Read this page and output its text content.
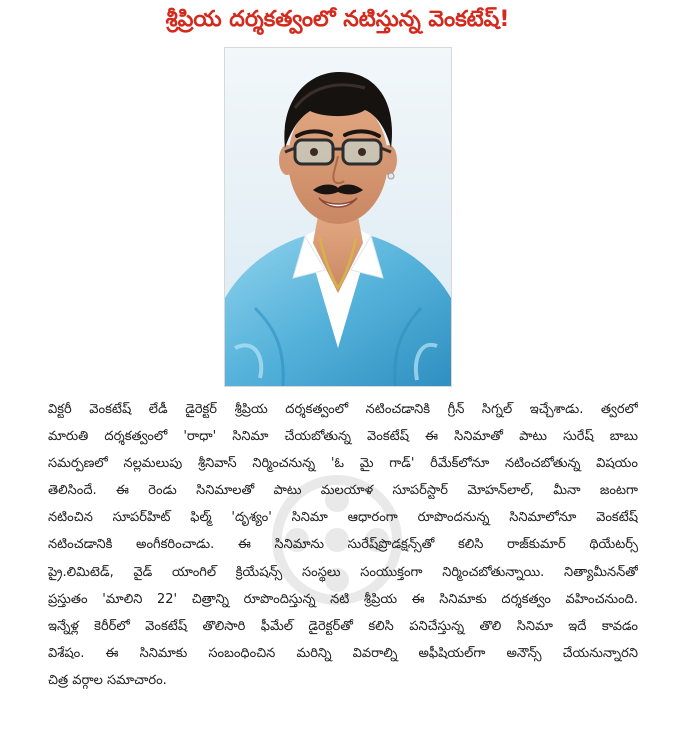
శ్రీప్రియ దర్శకత్వంలో నటిస్తున్న వెంకటేష్!
విక్టరీ వెంకటేష్ లేడీ డైరెక్టర్ శ్రీప్రియ దర్శకత్వంలో నటించడానికి గ్రీన్ సిగ్నల్ ఇచ్చేశాడు. త్వరలో
మారుతి దర్శకత్వంలో 'రాధా' సినిమా చేయబోతున్న వెంకటేష్ ఈ సినిమాతో పాటు సురేష్ బాబు
సమర్పణలో నల్లమలుపు శ్రీనివాస్ నిర్మించనున్న 'ఓ మై గాడ్' రీమేక్‌లోనూ నటించబోతున్న విషయం
తెలిసిందే. ఈ రెండు సినిమాలతో పాటు మలయాళ సూపర్‌స్టార్ మోహన్‌లాల్, మీనా జంటగా
నటించిన సూపర్‌హిట్ ఫిల్మ్ 'దృశ్యం' సినిమా ఆధారంగా రూపొందనున్న సినిమాలోనూ వెంకటేష్
నటించడానికి అంగీకరించాడు. ఈ సినిమాను సురేష్‌ప్రొడక్షన్స్‌తో కలిసి రాజ్‌కుమార్ థియేటర్స్
ప్రై.లిమిటెడ్, వైడ్ యాంగిల్ క్రియేషన్స్ సంస్థలు సంయుక్తంగా నిర్మించబోతున్నాయి. నిత్యామీనన్‌తో
ప్రస్తుతం 'మాలిని 22' చిత్రాన్ని రూపొందిస్తున్న నటి శ్రీప్రియ ఈ సినిమాకు దర్శకత్వం వహించనుంది.
ఇన్నేళ్ల కెరీర్‌లో వెంకటేష్ తొలిసారి ఫీమేల్ డైరెక్టర్‌తో కలిసి పనిచేస్తున్న తొలి సినిమా ఇదే కావడం
విశేషం. ఈ సినిమాకు సంబంధించిన మరిన్ని వివరాల్ని అఫీషియల్‌గా అనౌన్స్ చేయనున్నారని
చిత్ర వర్గాల సమాచారం.
